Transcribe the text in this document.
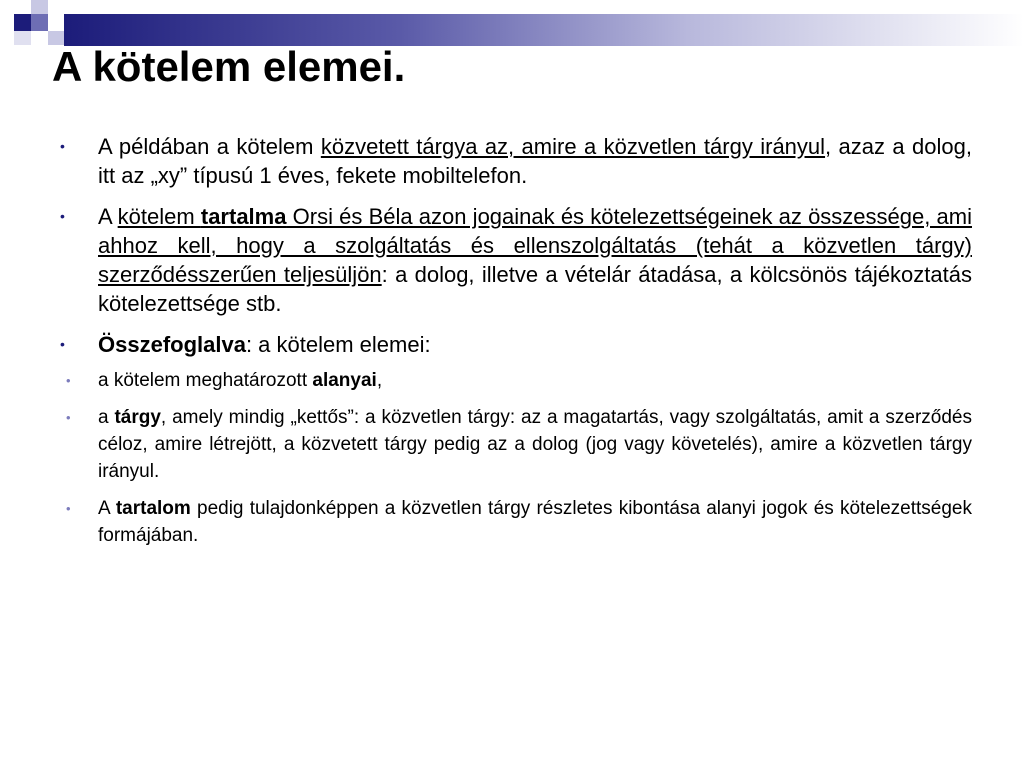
A kötelem elemei.
• A példában a kötelem közvetett tárgya az, amire a közvetlen tárgy irányul, azaz a dolog, itt az „xy” típusú 1 éves, fekete mobiltelefon.
• A kötelem tartalma Orsi és Béla azon jogainak és kötelezettségeinek az összessége, ami ahhoz kell, hogy a szolgáltatás és ellenszolgáltatás (tehát a közvetlen tárgy) szerződésszerűen teljesüljön: a dolog, illetve a vételár átadása, a kölcsönös tájékoztatás kötelezettsége stb.
• Összefoglalva: a kötelem elemei:
• a kötelem meghatározott alanyai,
• a tárgy, amely mindig „kettős”: a közvetlen tárgy: az a magatartás, vagy szolgáltatás, amit a szerződés céloz, amire létrejött, a közvetett tárgy pedig az a dolog (jog vagy követelés), amire a közvetlen tárgy irányul.
• A tartalom pedig tulajdonképpen a közvetlen tárgy részletes kibontása alanyi jogok és kötelezettségek formájában.
